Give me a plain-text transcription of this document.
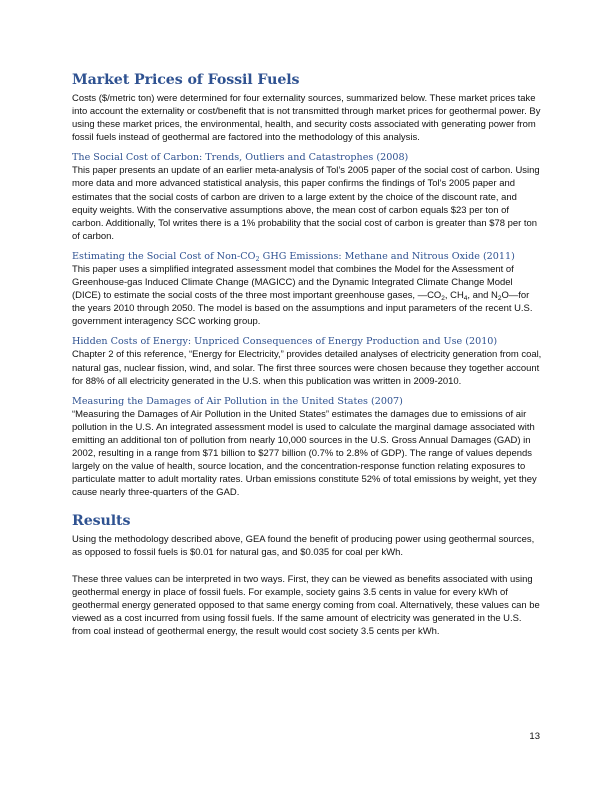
Market Prices of Fossil Fuels

Costs ($/metric ton) were determined for four externality sources, summarized below. These market prices take into account the externality or cost/benefit that is not transmitted through market prices for geothermal power. By using these market prices, the environmental, health, and security costs associated with generating power from fossil fuels instead of geothermal are factored into the methodology of this analysis.

The Social Cost of Carbon: Trends, Outliers and Catastrophes (2008)

This paper presents an update of an earlier meta-analysis of Tol’s 2005 paper of the social cost of carbon. Using more data and more advanced statistical analysis, this paper confirms the findings of Tol’s 2005 paper and estimates that the social costs of carbon are driven to a large extent by the choice of the discount rate, and equity weights. With the conservative assumptions above, the mean cost of carbon equals $23 per ton of carbon. Additionally, Tol writes there is a 1% probability that the social cost of carbon is greater than $78 per ton of carbon.

Estimating the Social Cost of Non-$CO_2$ GHG Emissions: Methane and Nitrous Oxide (2011)

This paper uses a simplified integrated assessment model that combines the Model for the Assessment of Greenhouse-gas Induced Climate Change (MAGICC) and the Dynamic Integrated Climate Change Model (DICE) to estimate the social costs of the three most important greenhouse gases, $—CO_2$, $CH_4$, and $N_2O—for$ the years 2010 through 2050. The model is based on the assumptions and input parameters of the recent U.S. government interagency SCC working group.

Hidden Costs of Energy: Unpriced Consequences of Energy Production and Use (2010)

Chapter 2 of this reference, “Energy for Electricity,” provides detailed analyses of electricity generation from coal, natural gas, nuclear fission, wind, and solar. The first three sources were chosen because they together account for 88% of all electricity generated in the U.S. when this publication was written in 2009-2010.

Measuring the Damages of Air Pollution in the United States (2007)

“Measuring the Damages of Air Pollution in the United States” estimates the damages due to emissions of air pollution in the U.S. An integrated assessment model is used to calculate the marginal damage associated with emitting an additional ton of pollution from nearly 10,000 sources in the U.S. Gross Annual Damages (GAD) in 2002, resulting in a range from $71 billion to $277 billion (0.7% to 2.8% of GDP). The range of values depends largely on the value of health, source location, and the concentration-response function relating exposures to particulate matter to adult mortality rates. Urban emissions constitute 52% of total emissions by weight, yet they cause nearly three-quarters of the GAD.

Results

Using the methodology described above, GEA found the benefit of producing power using geothermal sources, as opposed to fossil fuels is $0.01 for natural gas, and $0.035 for coal per kWh.

These three values can be interpreted in two ways. First, they can be viewed as benefits associated with using geothermal energy in place of fossil fuels. For example, society gains 3.5 cents in value for every kWh of geothermal energy generated opposed to that same energy coming from coal. Alternatively, these values can be viewed as a cost incurred from using fossil fuels. If the same amount of electricity was generated in the U.S. from coal instead of geothermal energy, the result would cost society 3.5 cents per kWh.

13
